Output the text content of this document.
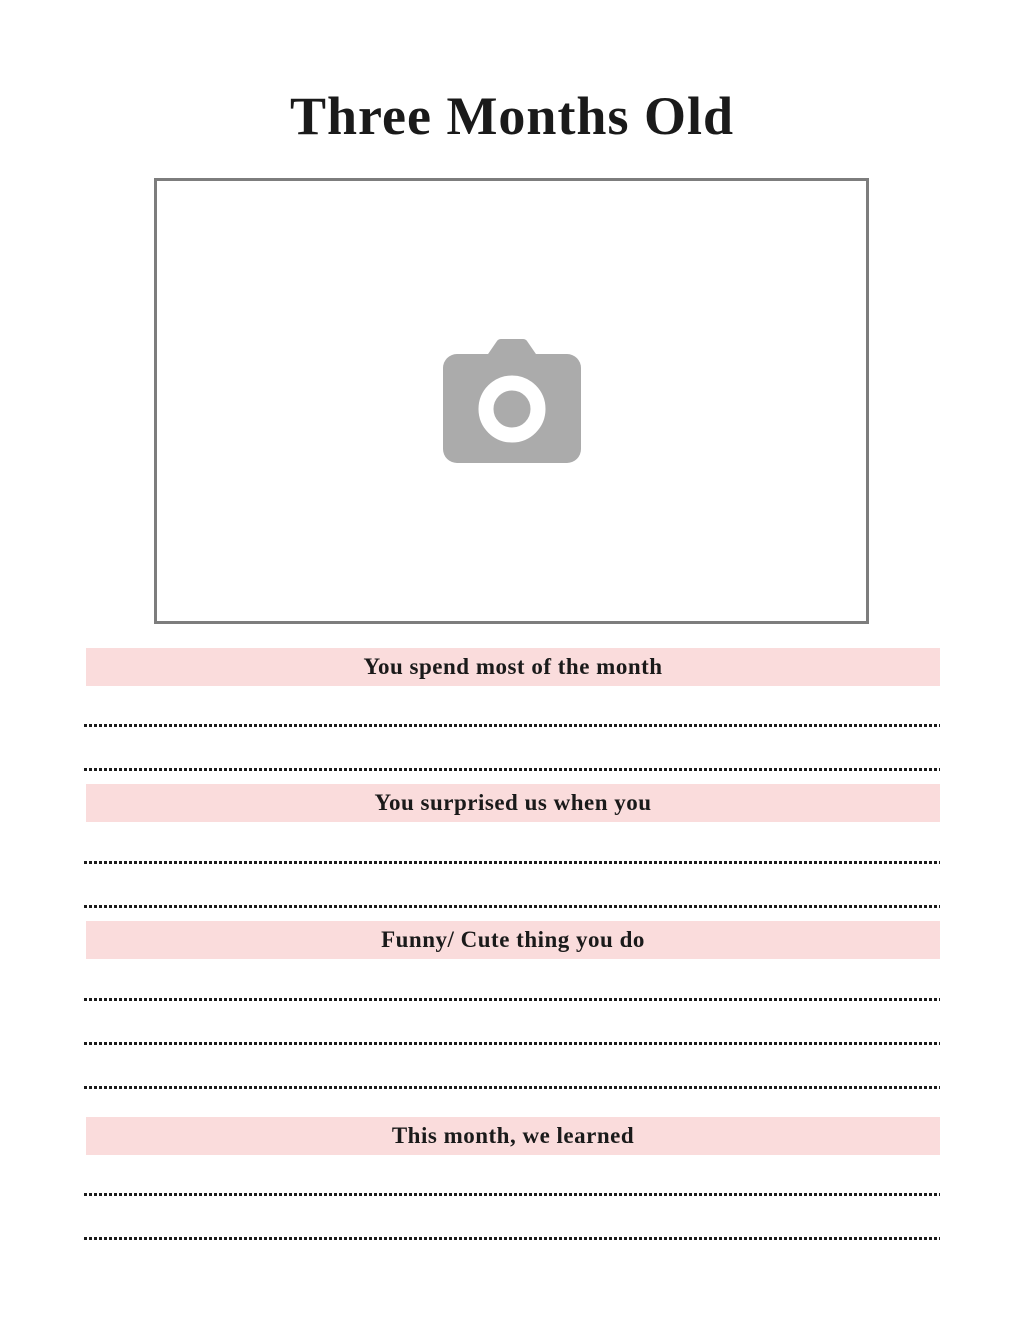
Three Months Old
You spend most of the month
You surprised us when you
Funny/ Cute thing you do
This month, we learned
